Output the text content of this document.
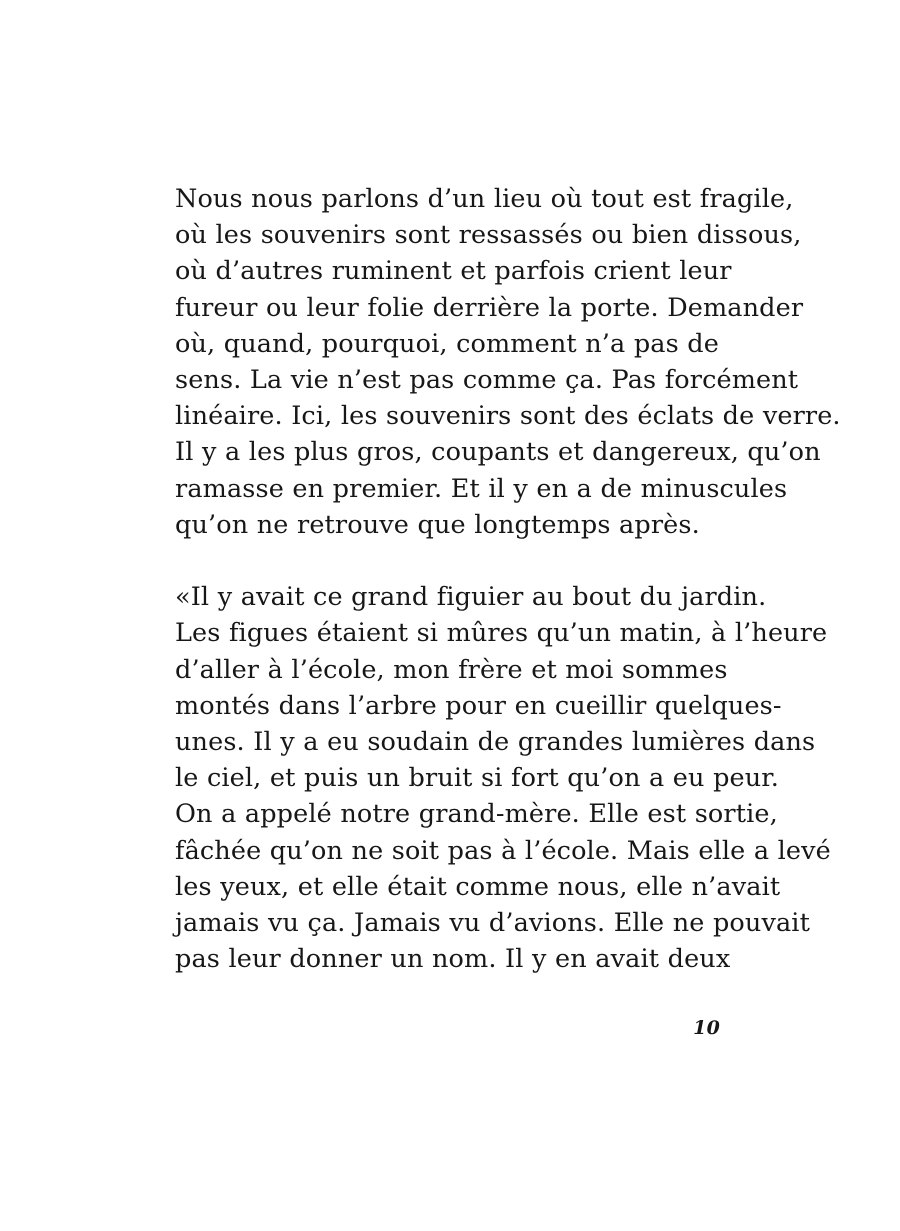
Nous nous parlons d’un lieu où tout est fragile,
où les souvenirs sont ressassés ou bien dissous,
où d’autres ruminent et parfois crient leur
fureur ou leur folie derrière la porte. Demander
où, quand, pourquoi, comment n’a pas de
sens. La vie n’est pas comme ça. Pas forcément
linéaire. Ici, les souvenirs sont des éclats de verre.
Il y a les plus gros, coupants et dangereux, qu’on
ramasse en premier. Et il y en a de minuscules
qu’on ne retrouve que longtemps après.

«Il y avait ce grand figuier au bout du jardin.
Les figues étaient si mûres qu’un matin, à l’heure
d’aller à l’école, mon frère et moi sommes
montés dans l’arbre pour en cueillir quelques-
unes. Il y a eu soudain de grandes lumières dans
le ciel, et puis un bruit si fort qu’on a eu peur.
On a appelé notre grand-mère. Elle est sortie,
fâchée qu’on ne soit pas à l’école. Mais elle a levé
les yeux, et elle était comme nous, elle n’avait
jamais vu ça. Jamais vu d’avions. Elle ne pouvait
pas leur donner un nom. Il y en avait deux

10
